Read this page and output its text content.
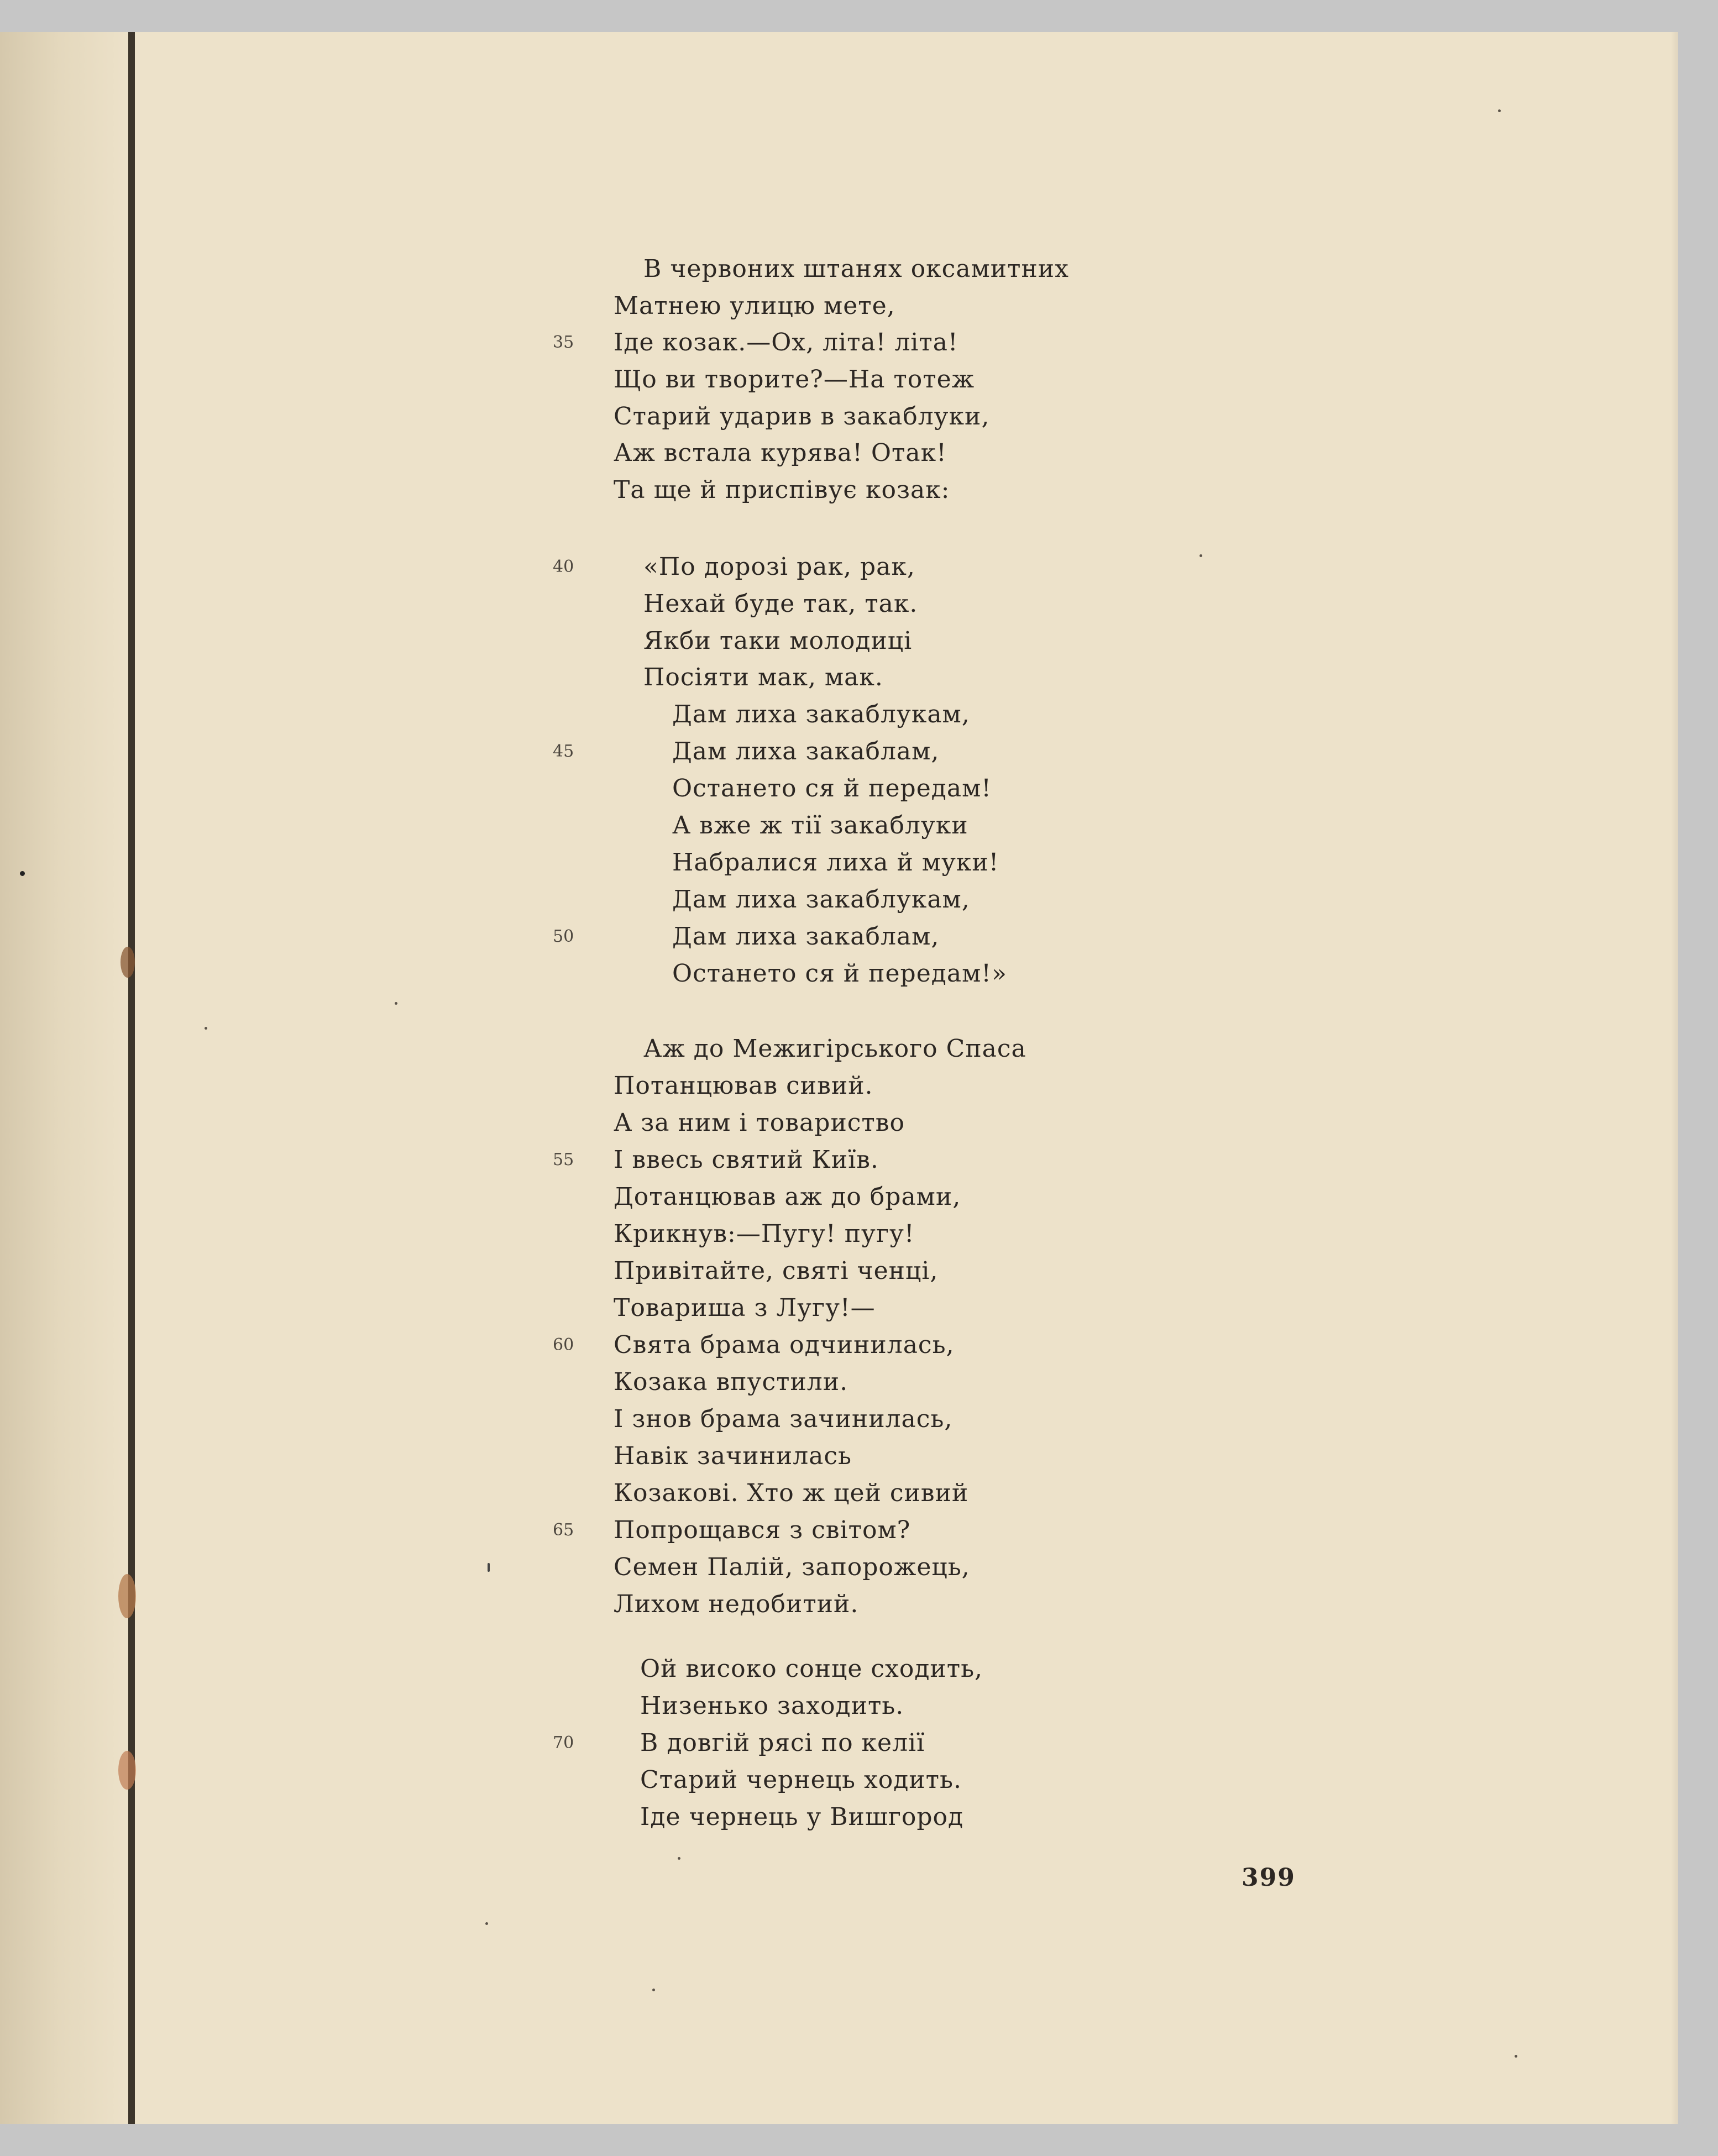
В червоних штанях оксамитних
Матнею улицю мете,
35 Іде козак.—Ох, літа! літа!
Що ви творите?—На тотеж
Старий ударив в закаблуки,
Аж встала курява! Отак!
Та ще й приспівує козак:
40	«По дорозі рак, рак,
Нехай буде так, так.
Якби таки молодиці
Посіяти мак, мак.
Дам лиха закаблукам,
45	Дам лиха закаблам,
Остането ся й передам!
А вже ж тії закаблуки
Набралися лиха й муки!
Дам лиха закаблукам,
50	Дам лиха закаблам,
Остането ся й передам!»
Аж до Межигірського Спаса
Потанцював сивий.
А за ним і товариство
55 І ввесь святий Київ.
Дотанцював аж до брами,
Крикнув:—Пугу! пугу!
Привітайте, святі ченці,
Товариша з Лугу!—
60 Свята брама одчинилась,
Козака впустили.
І знов брама зачинилась,
Навік зачинилась
Козакові. Хто ж цей сивий
65 Попрощався з світом?
Семен Палій, запорожець,
Лихом недобитий.
Ой високо сонце сходить,
Низенько заходить.
70	В довгій рясі по келії
Старий чернець ходить.
Іде чернець у Вишгород
399
